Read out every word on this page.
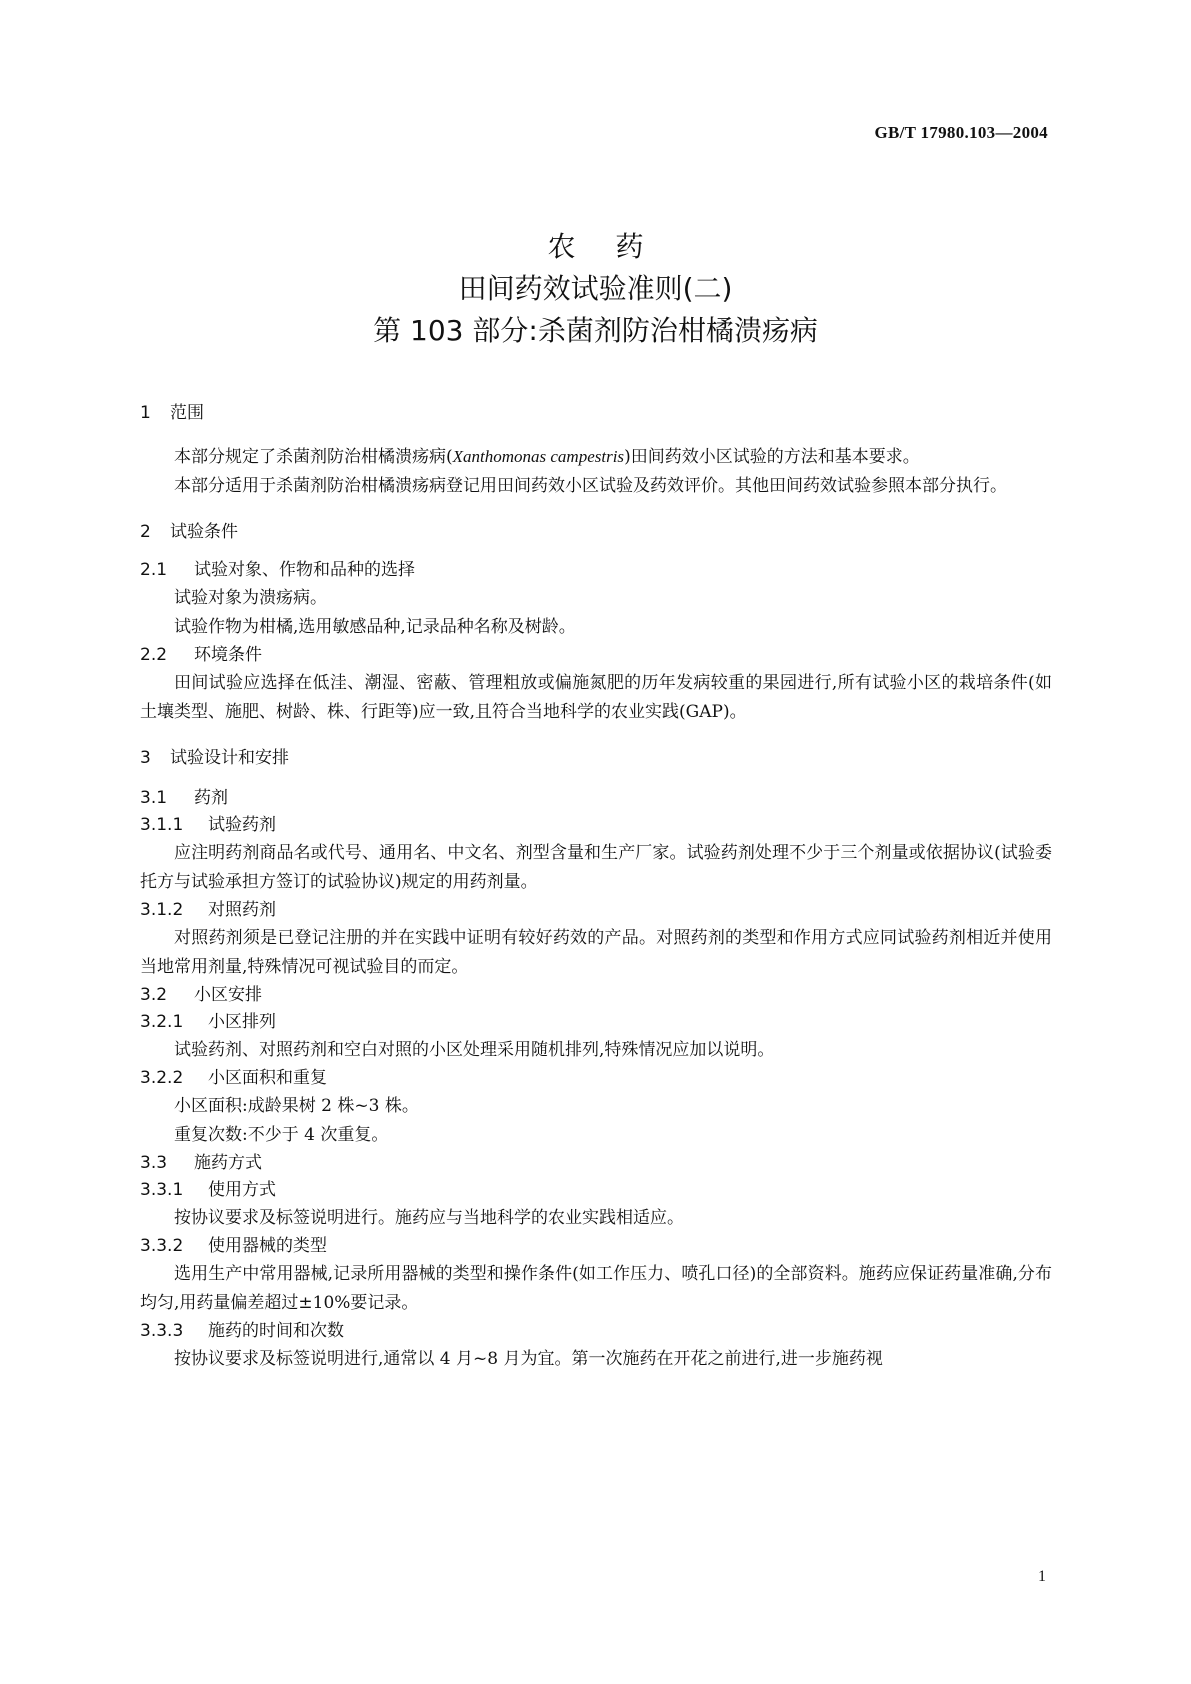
GB/T 17980.103—2004
农药
田间药效试验准则(二)
第 103 部分:杀菌剂防治柑橘溃疡病
1 范围
本部分规定了杀菌剂防治柑橘溃疡病(Xanthomonas campestris)田间药效小区试验的方法和基本要求。
本部分适用于杀菌剂防治柑橘溃疡病登记用田间药效小区试验及药效评价。其他田间药效试验参照本部分执行。
2 试验条件
2.1 试验对象、作物和品种的选择
试验对象为溃疡病。
试验作物为柑橘,选用敏感品种,记录品种名称及树龄。
2.2 环境条件
田间试验应选择在低洼、潮湿、密蔽、管理粗放或偏施氮肥的历年发病较重的果园进行,所有试验小区的栽培条件(如土壤类型、施肥、树龄、株、行距等)应一致,且符合当地科学的农业实践(GAP)。
3 试验设计和安排
3.1 药剂
3.1.1 试验药剂
应注明药剂商品名或代号、通用名、中文名、剂型含量和生产厂家。试验药剂处理不少于三个剂量或依据协议(试验委托方与试验承担方签订的试验协议)规定的用药剂量。
3.1.2 对照药剂
对照药剂须是已登记注册的并在实践中证明有较好药效的产品。对照药剂的类型和作用方式应同试验药剂相近并使用当地常用剂量,特殊情况可视试验目的而定。
3.2 小区安排
3.2.1 小区排列
试验药剂、对照药剂和空白对照的小区处理采用随机排列,特殊情况应加以说明。
3.2.2 小区面积和重复
小区面积:成龄果树 2 株~3 株。
重复次数:不少于 4 次重复。
3.3 施药方式
3.3.1 使用方式
按协议要求及标签说明进行。施药应与当地科学的农业实践相适应。
3.3.2 使用器械的类型
选用生产中常用器械,记录所用器械的类型和操作条件(如工作压力、喷孔口径)的全部资料。施药应保证药量准确,分布均匀,用药量偏差超过±10%要记录。
3.3.3 施药的时间和次数
按协议要求及标签说明进行,通常以 4 月~8 月为宜。第一次施药在开花之前进行,进一步施药视
1
